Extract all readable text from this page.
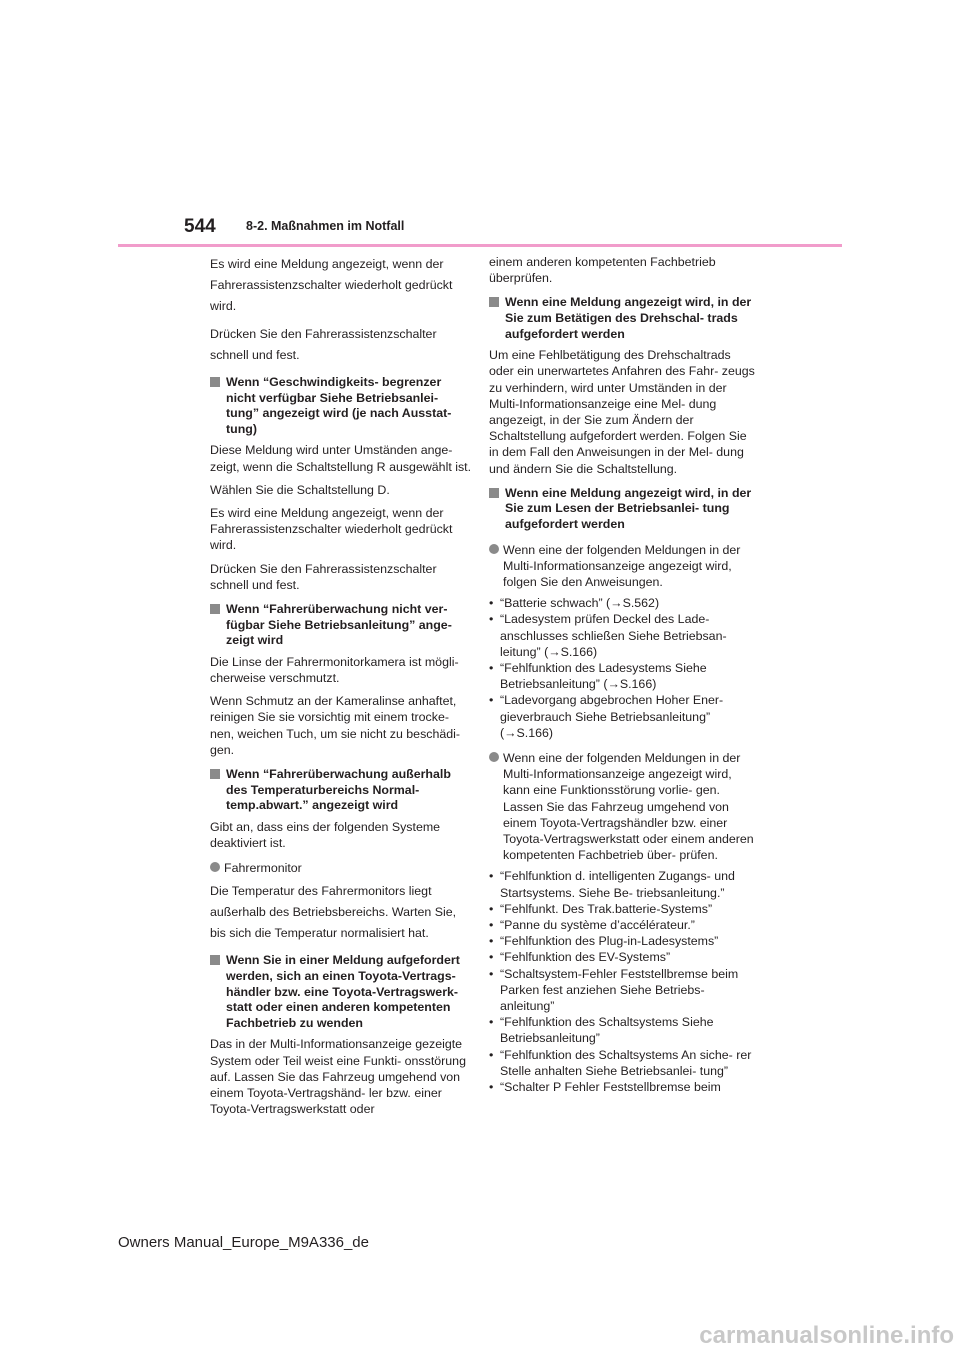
544 8-2. Maßnahmen im Notfall

Es wird eine Meldung angezeigt, wenn der Fahrerassistenzschalter wiederholt gedrückt wird.

Drücken Sie den Fahrerassistenzschalter schnell und fest.

Wenn “Geschwindigkeits- begrenzer nicht verfügbar Siehe Betriebsanlei- tung” angezeigt wird (je nach Ausstat- tung)

Diese Meldung wird unter Umständen ange- zeigt, wenn die Schaltstellung R ausgewählt ist.

Wählen Sie die Schaltstellung D.

Es wird eine Meldung angezeigt, wenn der Fahrerassistenzschalter wiederholt gedrückt wird.

Drücken Sie den Fahrerassistenzschalter schnell und fest.

Wenn “Fahrerüberwachung nicht ver- fügbar Siehe Betriebsanleitung” ange- zeigt wird

Die Linse der Fahrermonitorkamera ist mögli- cherweise verschmutzt.

Wenn Schmutz an der Kameralinse anhaftet, reinigen Sie sie vorsichtig mit einem trocke- nen, weichen Tuch, um sie nicht zu beschädi- gen.

Wenn “Fahrerüberwachung außerhalb des Temperaturbereichs Normal- temp.abwart.” angezeigt wird

Gibt an, dass eins der folgenden Systeme deaktiviert ist.

Fahrermonitor

Die Temperatur des Fahrermonitors liegt außerhalb des Betriebsbereichs. Warten Sie, bis sich die Temperatur normalisiert hat.

Wenn Sie in einer Meldung aufgefordert werden, sich an einen Toyota-Vertrags- händler bzw. eine Toyota-Vertragswerk- statt oder einen anderen kompetenten Fachbetrieb zu wenden

Das in der Multi-Informationsanzeige gezeigte System oder Teil weist eine Funkti- onsstörung auf. Lassen Sie das Fahrzeug umgehend von einem Toyota-Vertragshänd- ler bzw. einer Toyota-Vertragswerkstatt oder

einem anderen kompetenten Fachbetrieb überprüfen.

Wenn eine Meldung angezeigt wird, in der Sie zum Betätigen des Drehschal- trads aufgefordert werden

Um eine Fehlbetätigung des Drehschaltrads oder ein unerwartetes Anfahren des Fahr- zeugs zu verhindern, wird unter Umständen in der Multi-Informationsanzeige eine Mel- dung angezeigt, in der Sie zum Ändern der Schaltstellung aufgefordert werden. Folgen Sie in dem Fall den Anweisungen in der Mel- dung und ändern Sie die Schaltstellung.

Wenn eine Meldung angezeigt wird, in der Sie zum Lesen der Betriebsanlei- tung aufgefordert werden
Wenn eine der folgenden Meldungen in der Multi-Informationsanzeige angezeigt wird, folgen Sie den Anweisungen.
• “Batterie schwach” (→S.562)
• “Ladesystem prüfen Deckel des Lade- anschlusses schließen Siehe Betriebsan- leitung” (→S.166)
• “Fehlfunktion des Ladesystems Siehe Betriebsanleitung” (→S.166)
• “Ladevorgang abgebrochen Hoher Ener- gieverbrauch Siehe Betriebsanleitung” (→S.166)
Wenn eine der folgenden Meldungen in der Multi-Informationsanzeige angezeigt wird, kann eine Funktionsstörung vorlie- gen. Lassen Sie das Fahrzeug umgehend von einem Toyota-Vertragshändler bzw. einer Toyota-Vertragswerkstatt oder einem anderen kompetenten Fachbetrieb über- prüfen.
• “Fehlfunktion d. intelligenten Zugangs- und Startsystems. Siehe Be- triebsanleitung.”
• “Fehlfunkt. Des Trak.batterie-Systems”
• “Panne du système d’accélérateur.”
• “Fehlfunktion des Plug-in-Ladesystems”
• “Fehlfunktion des EV-Systems”
• “Schaltsystem-Fehler Feststellbremse beim Parken fest anziehen Siehe Betriebs- anleitung”
• “Fehlfunktion des Schaltsystems Siehe Betriebsanleitung”
• “Fehlfunktion des Schaltsystems An siche- rer Stelle anhalten Siehe Betriebsanlei- tung”
• “Schalter P Fehler Feststellbremse beim
Owners Manual_Europe_M9A336_de
carmanualsonline.info
